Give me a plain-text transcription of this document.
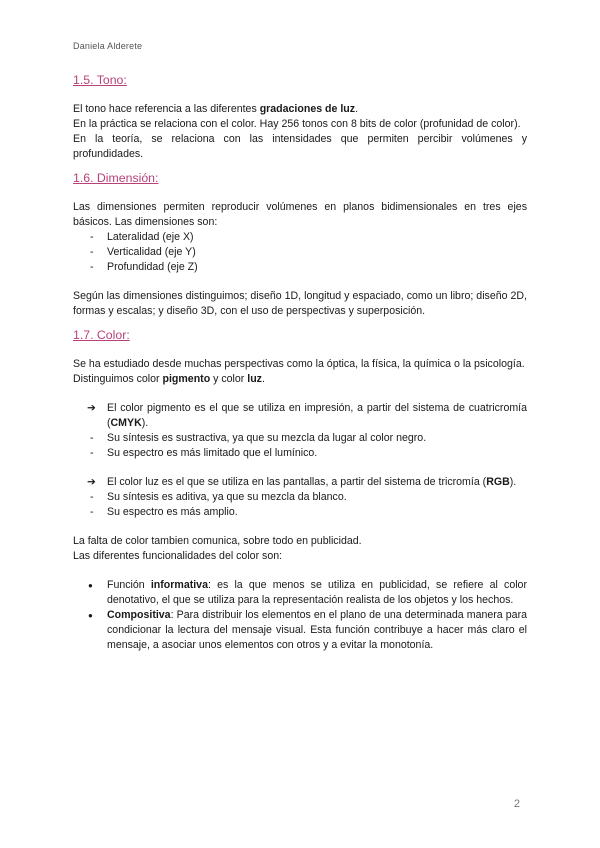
Daniela Alderete
1.5. Tono:

El tono hace referencia a las diferentes gradaciones de luz.

En la práctica se relaciona con el color. Hay 256 tonos con 8 bits de color (profunidad de color).

En la teoría, se relaciona con las intensidades que permiten percibir volúmenes y profundidades.

1.6. Dimensión:

Las dimensiones permiten reproducir volúmenes en planos bidimensionales en tres ejes básicos. Las dimensiones son:

- Lateralidad (eje X)
- Verticalidad (eje Y)
- Profundidad (eje Z)

Según las dimensiones distinguimos; diseño 1D, longitud y espaciado, como un libro; diseño 2D, formas y escalas; y diseño 3D, con el uso de perspectivas y superposición.

1.7. Color:

Se ha estudiado desde muchas perspectivas como la óptica, la física, la química o la psicología.

Distinguimos color pigmento y color luz.

➔ El color pigmento es el que se utiliza en impresión, a partir del sistema de cuatricromía (CMYK).
- Su síntesis es sustractiva, ya que su mezcla da lugar al color negro.
- Su espectro es más limitado que el lumínico.
➔ El color luz es el que se utiliza en las pantallas, a partir del sistema de tricromía (RGB).
- Su síntesis es aditiva, ya que su mezcla da blanco.
- Su espectro es más amplio.

La falta de color tambien comunica, sobre todo en publicidad.

Las diferentes funcionalidades del color son:

● Función informativa: es la que menos se utiliza en publicidad, se refiere al color denotativo, el que se utiliza para la representación realista de los objetos y los hechos.
● Compositiva: Para distribuir los elementos en el plano de una determinada manera para condicionar la lectura del mensaje visual. Esta función contribuye a hacer más claro el mensaje, a asociar unos elementos con otros y a evitar la monotonía.
2
